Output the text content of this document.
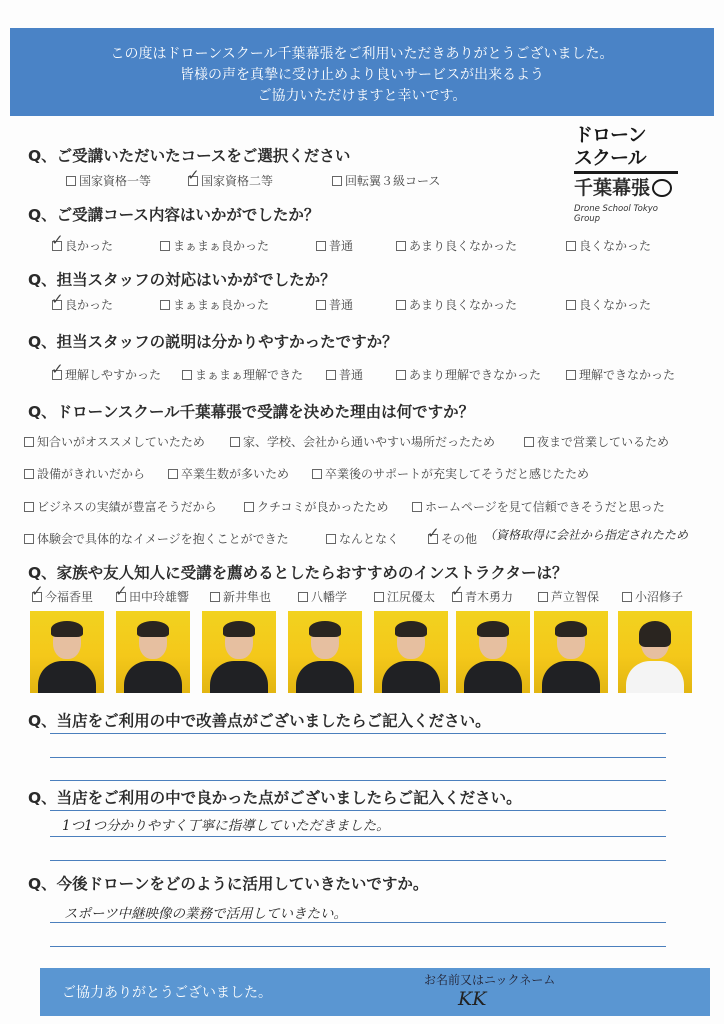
この度はドローンスクール千葉幕張をご利用いただきありがとうございました。
皆様の声を真摯に受け止めより良いサービスが出来るよう
ご協力いただけますと幸いです。
ドローン
スクール
千葉幕張
Drone School Tokyo Group
Q、ご受講いただいたコースをご選択ください
国家資格一等 ✓ 国家資格二等	回転翼３級コース
Q、ご受講コース内容はいかがでしたか？
✓ 良かった	まぁまぁ良かった	普通	あまり良くなかった	良くなかった
Q、担当スタッフの対応はいかがでしたか？
✓ 良かった	まぁまぁ良かった	普通	あまり良くなかった	良くなかった
Q、担当スタッフの説明は分かりやすかったですか？
✓ 理解しやすかった	まぁまぁ理解できた	普通	あまり理解できなかった	理解できなかった
Q、ドローンスクール千葉幕張で受講を決めた理由は何ですか？
知合いがオススメしていたため	家、学校、会社から通いやすい場所だったため	夜まで営業しているため
設備がきれいだから	卒業生数が多いため	卒業後のサポートが充実してそうだと感じたため
ビジネスの実績が豊富そうだから	クチコミが良かったため	ホームページを見て信頼できそうだと思った
体験会で具体的なイメージを抱くことができた	なんとなく ✓ その他 （資格取得に会社から指定されたため
Q、家族や友人知人に受講を薦めるとしたらおすすめのインストラクターは？
✓ 今福香里 ✓ 田中玲雄響	新井隼也	八幡学	江尻優太 ✓ 青木勇力	芦立智保	小沼修子
Q、当店をご利用の中で改善点がございましたらご記入ください。
Q、当店をご利用の中で良かった点がございましたらご記入ください。
1つ1つ分かりやすく丁寧に指導していただきました。
Q、今後ドローンをどのように活用していきたいですか。
スポーツ中継映像の業務で活用していきたい。
ご協力ありがとうございました。
お名前又はニックネーム
KK
